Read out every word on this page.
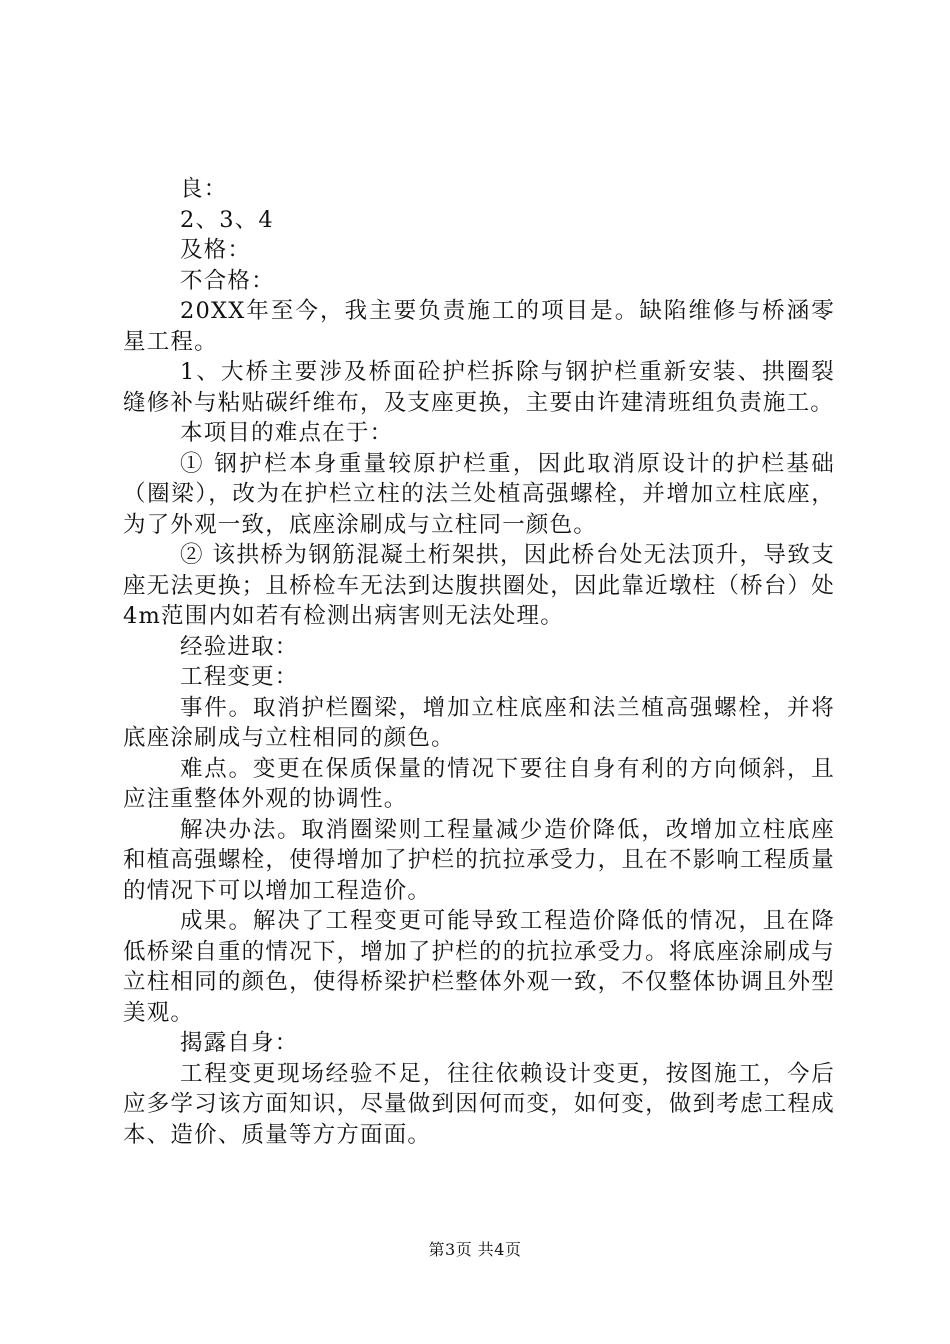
良：

2、3、4

及格：

不合格：

20XX年至今，我主要负责施工的项目是。缺陷维修与桥涵零星工程。

1、大桥主要涉及桥面砼护栏拆除与钢护栏重新安装、拱圈裂缝修补与粘贴碳纤维布，及支座更换，主要由许建清班组负责施工。

本项目的难点在于：

① 钢护栏本身重量较原护栏重，因此取消原设计的护栏基础（圈梁），改为在护栏立柱的法兰处植高强螺栓，并增加立柱底座，为了外观一致，底座涂刷成与立柱同一颜色。

② 该拱桥为钢筋混凝土桁架拱，因此桥台处无法顶升，导致支座无法更换；且桥检车无法到达腹拱圈处，因此靠近墩柱（桥台）处4m范围内如若有检测出病害则无法处理。

经验进取：

工程变更：

事件。取消护栏圈梁，增加立柱底座和法兰植高强螺栓，并将底座涂刷成与立柱相同的颜色。

难点。变更在保质保量的情况下要往自身有利的方向倾斜，且应注重整体外观的协调性。

解决办法。取消圈梁则工程量减少造价降低，改增加立柱底座和植高强螺栓，使得增加了护栏的抗拉承受力，且在不影响工程质量的情况下可以增加工程造价。

成果。解决了工程变更可能导致工程造价降低的情况，且在降低桥梁自重的情况下，增加了护栏的的抗拉承受力。将底座涂刷成与立柱相同的颜色，使得桥梁护栏整体外观一致，不仅整体协调且外型美观。

揭露自身：

工程变更现场经验不足，往往依赖设计变更，按图施工，今后应多学习该方面知识，尽量做到因何而变，如何变，做到考虑工程成本、造价、质量等方方面面。

第3页 共4页
